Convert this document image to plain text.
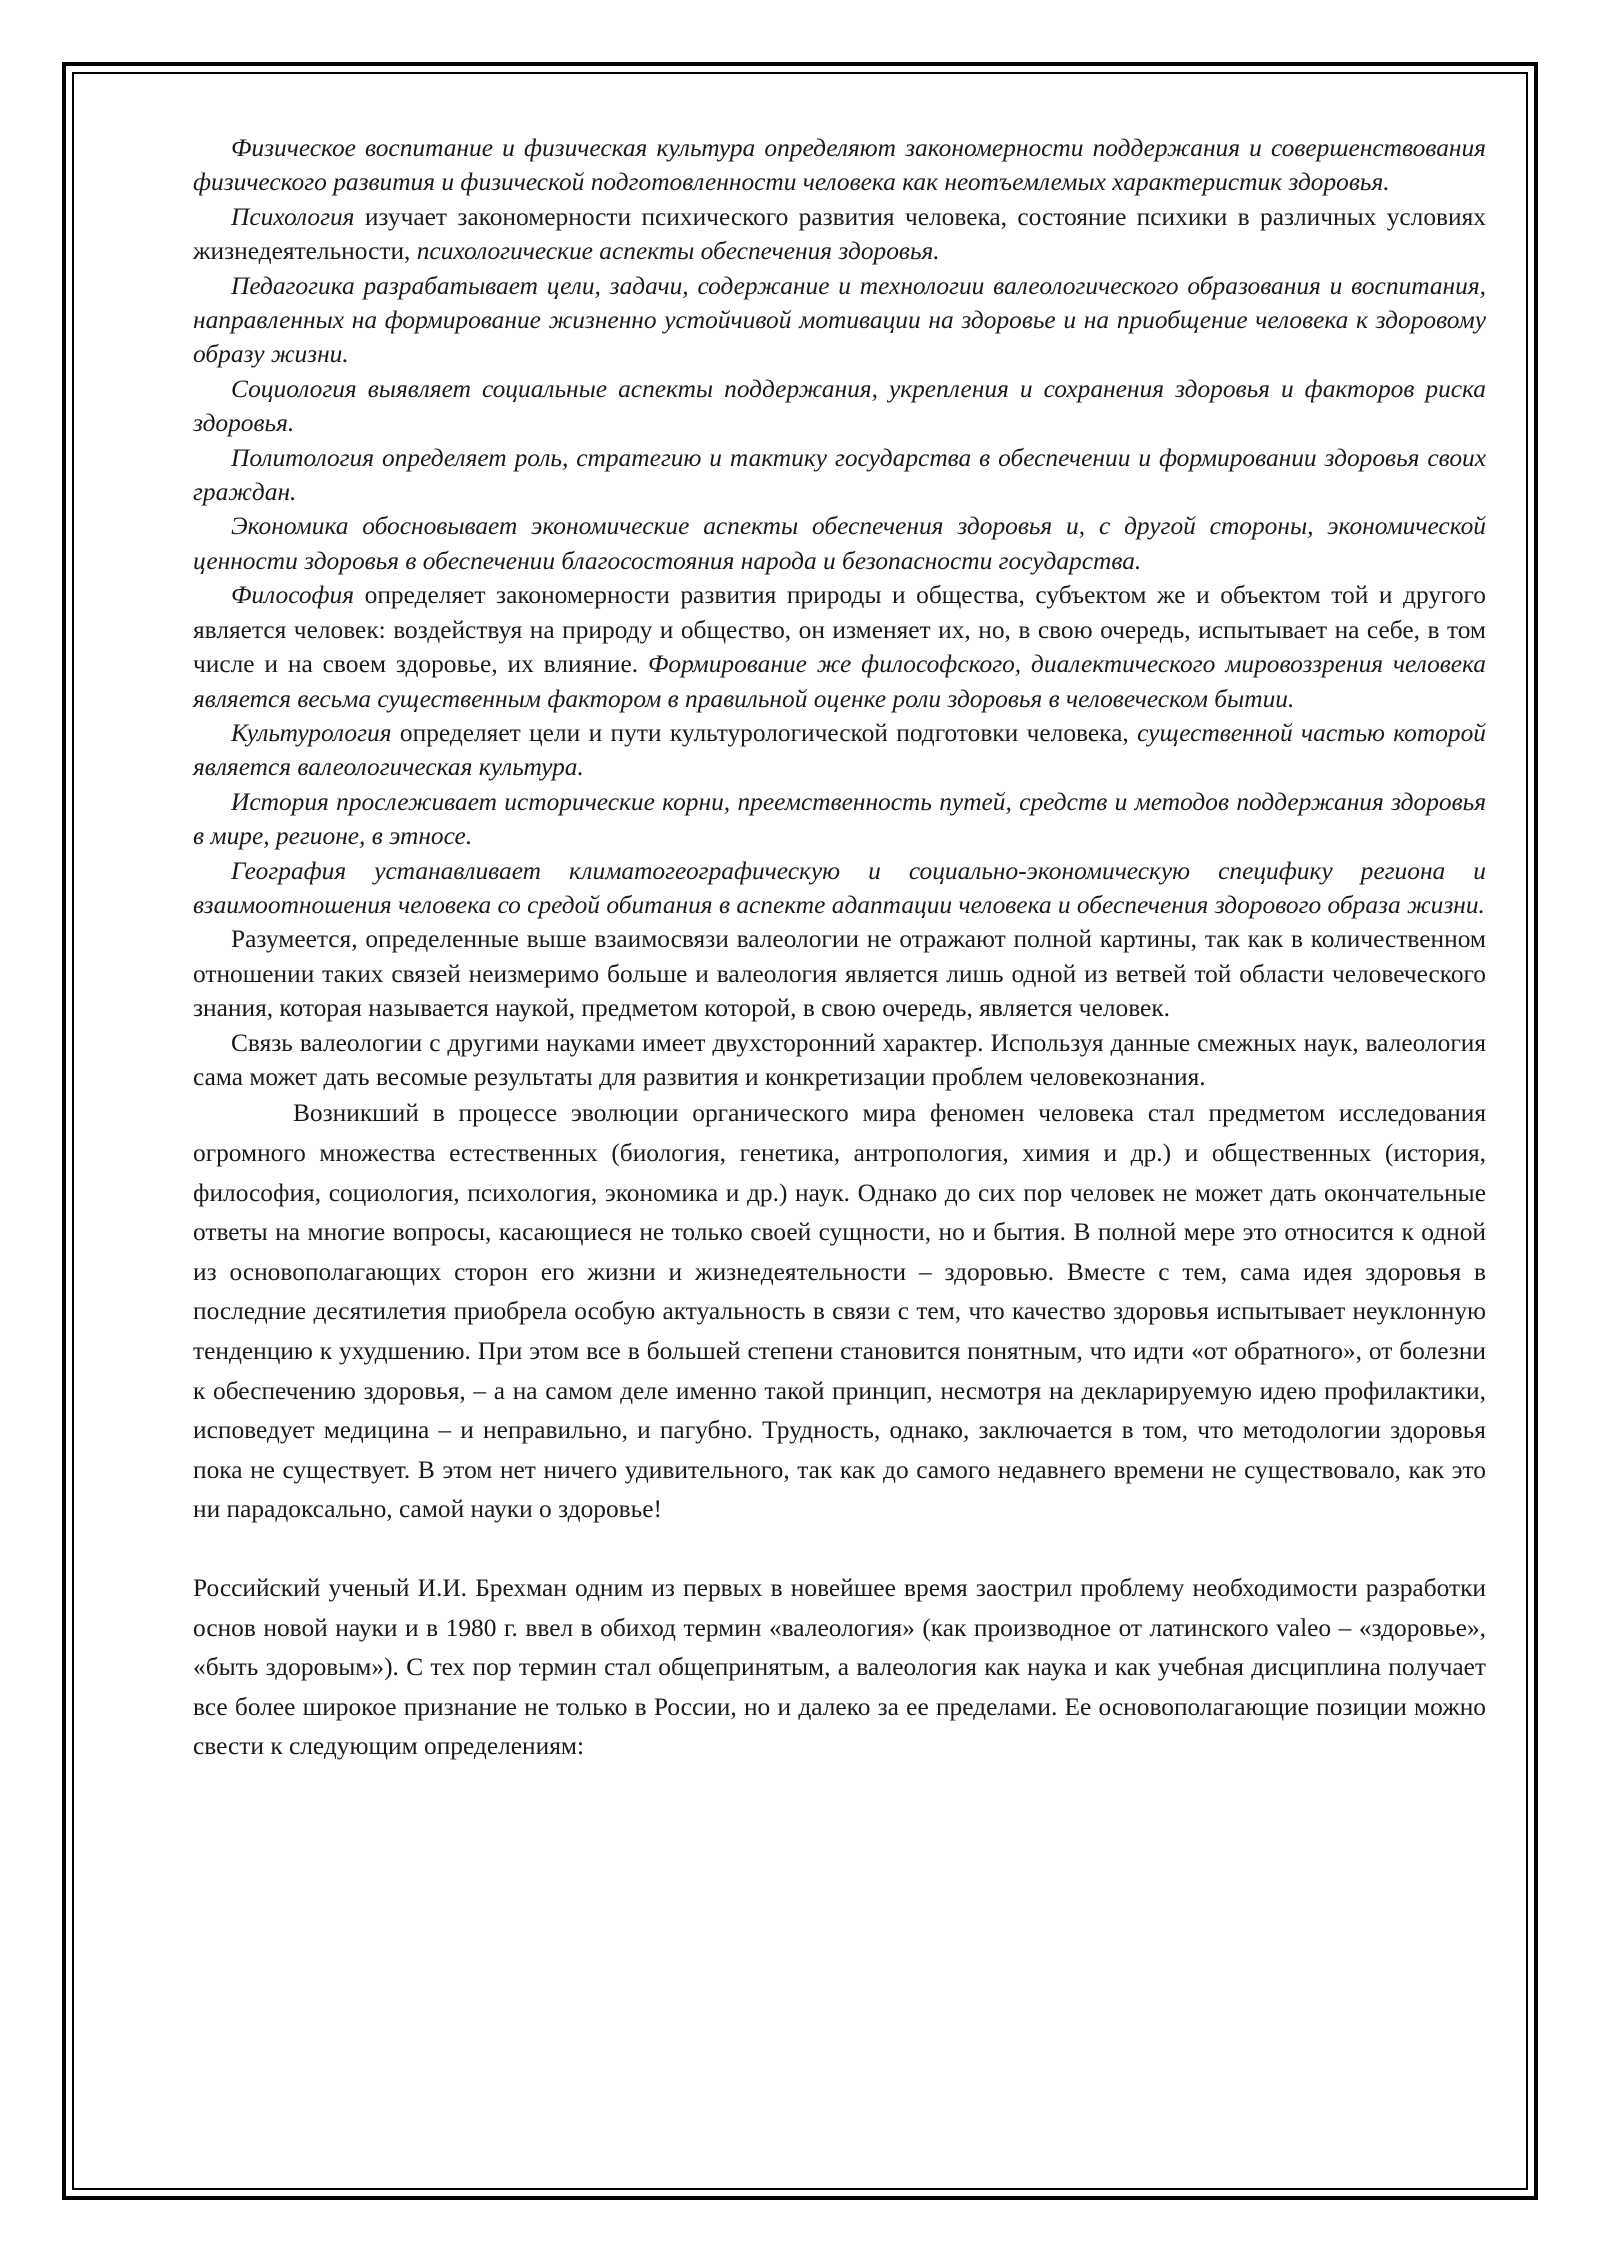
Физическое воспитание и физическая культура определяют закономерности поддержания и совершенствования физического развития и физической подготовленности человека как неотъемлемых характеристик здоровья.

Психология изучает закономерности психического развития человека, состояние психики в различных условиях жизнедеятельности, психологические аспекты обеспечения здоровья.

Педагогика разрабатывает цели, задачи, содержание и технологии валеологического образования и воспитания, направленных на формирование жизненно устойчивой мотивации на здоровье и на приобщение человека к здоровому образу жизни.

Социология выявляет социальные аспекты поддержания, укрепления и сохранения здоровья и факторов риска здоровья.

Политология определяет роль, стратегию и тактику государства в обеспечении и формировании здоровья своих граждан.

Экономика обосновывает экономические аспекты обеспечения здоровья и, с другой стороны, экономической ценности здоровья в обеспечении благосостояния народа и безопасности государства.

Философия определяет закономерности развития природы и общества, субъектом же и объектом той и другого является человек: воздействуя на природу и общество, он изменяет их, но, в свою очередь, испытывает на себе, в том числе и на своем здоровье, их влияние. Формирование же философского, диалектического мировоззрения человека является весьма существенным фактором в правильной оценке роли здоровья в человеческом бытии.

Культурология определяет цели и пути культурологической подготовки человека, существенной частью которой является валеологическая культура.

История прослеживает исторические корни, преемственность путей, средств и методов поддержания здоровья в мире, регионе, в этносе.

География устанавливает климатогеографическую и социально-экономическую специфику региона и взаимоотношения человека со средой обитания в аспекте адаптации человека и обеспечения здорового образа жизни.

Разумеется, определенные выше взаимосвязи валеологии не отражают полной картины, так как в количественном отношении таких связей неизмеримо больше и валеология является лишь одной из ветвей той области человеческого знания, которая называется наукой, предметом которой, в свою очередь, является человек.

Связь валеологии с другими науками имеет двухсторонний характер. Используя данные смежных наук, валеология сама может дать весомые результаты для развития и конкретизации проблем человекознания.

Возникший в процессе эволюции органического мира феномен человека стал предметом исследования огромного множества естественных (биология, генетика, антропология, химия и др.) и общественных (история, философия, социология, психология, экономика и др.) наук. Однако до сих пор человек не может дать окончательные ответы на многие вопросы, касающиеся не только своей сущности, но и бытия. В полной мере это относится к одной из основополагающих сторон его жизни и жизнедеятельности – здоровью. Вместе с тем, сама идея здоровья в последние десятилетия приобрела особую актуальность в связи с тем, что качество здоровья испытывает неуклонную тенденцию к ухудшению. При этом все в большей степени становится понятным, что идти «от обратного», от болезни к обеспечению здоровья, – а на самом деле именно такой принцип, несмотря на декларируемую идею профилактики, исповедует медицина – и неправильно, и пагубно. Трудность, однако, заключается в том, что методологии здоровья пока не существует. В этом нет ничего удивительного, так как до самого недавнего времени не существовало, как это ни парадоксально, самой науки о здоровье!

Российский ученый И.И. Брехман одним из первых в новейшее время заострил проблему необходимости разработки основ новой науки и в 1980 г. ввел в обиход термин «валеология» (как производное от латинского valeo – «здоровье», «быть здоровым»). С тех пор термин стал общепринятым, а валеология как наука и как учебная дисциплина получает все более широкое признание не только в России, но и далеко за ее пределами. Ее основополагающие позиции можно свести к следующим определениям:
